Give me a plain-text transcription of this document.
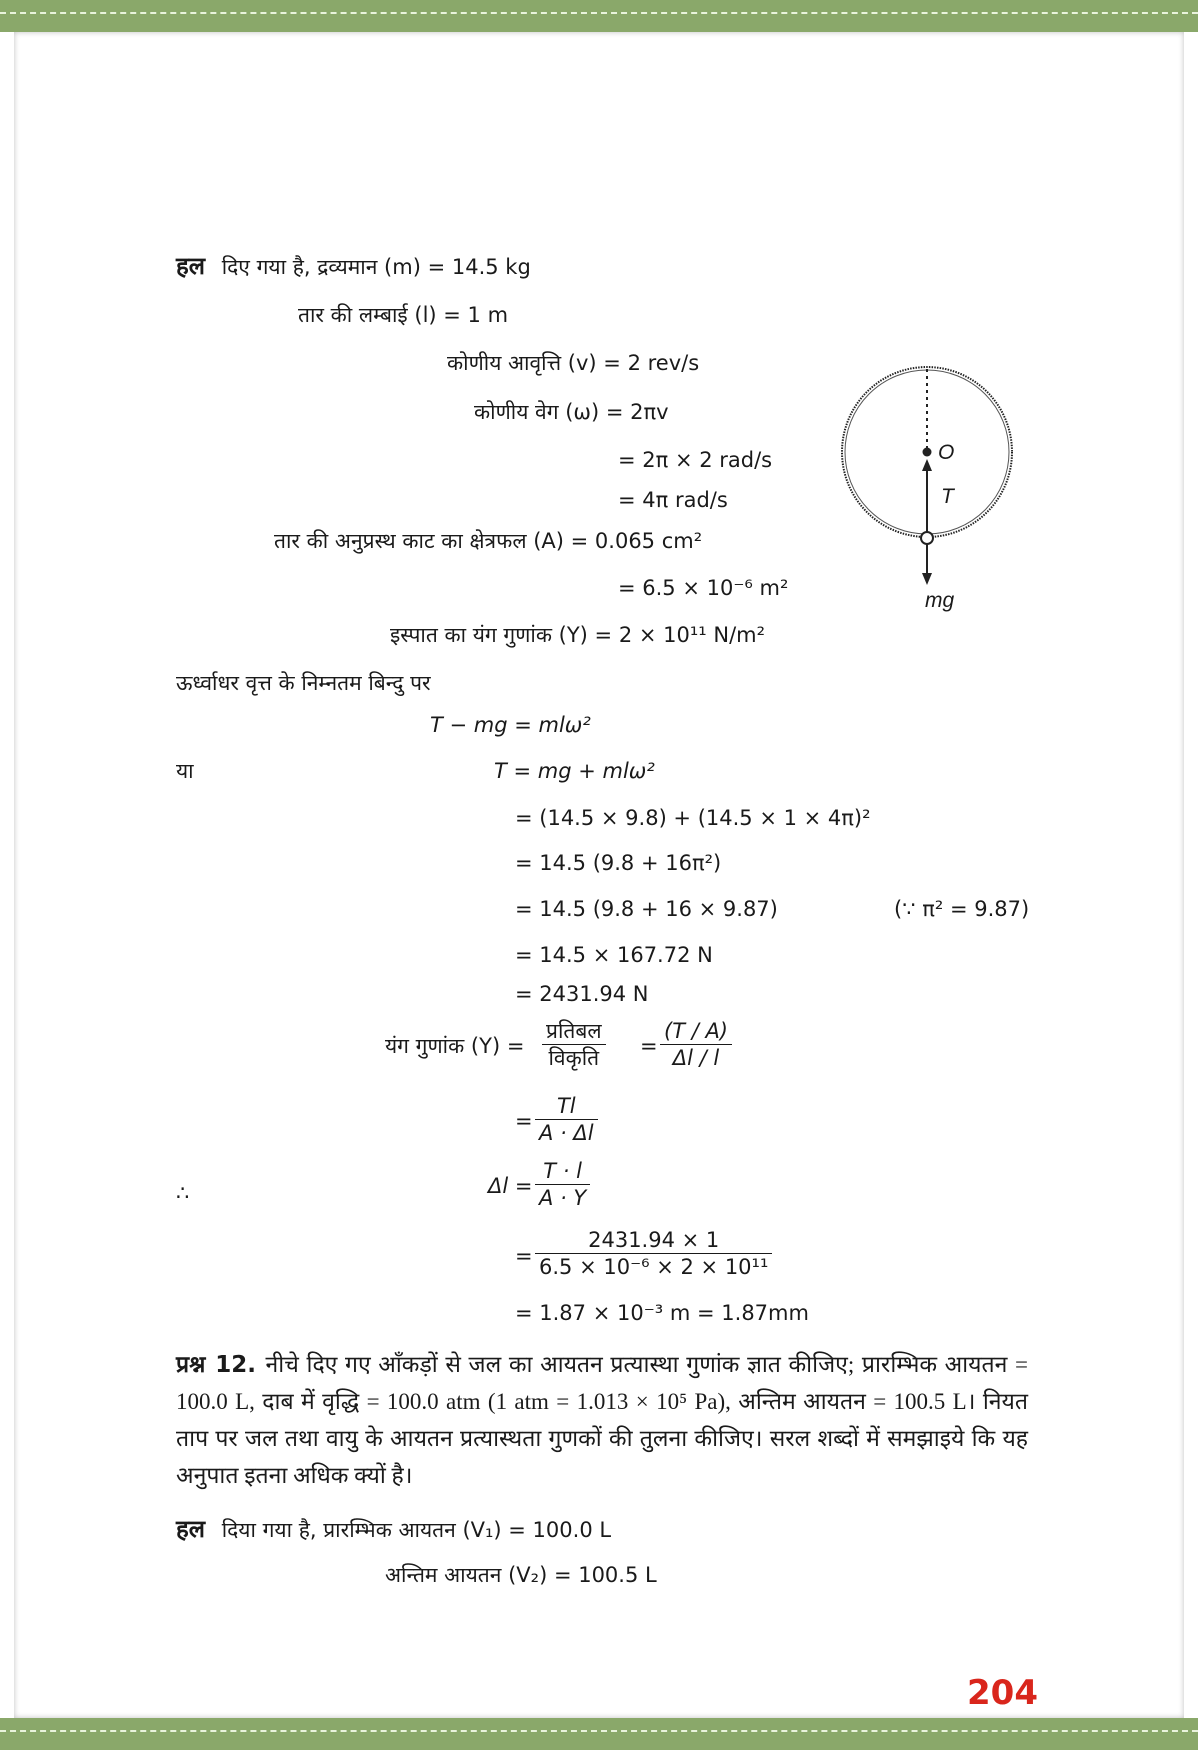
हल दिए गया है, द्रव्यमान (m) = 14.5 kg
तार की लम्बाई (l) = 1 m
कोणीय आवृत्ति (v) = 2 rev/s
कोणीय वेग (ω) = 2πv
= 2π × 2 rad/s
= 4π rad/s
तार की अनुप्रस्थ काट का क्षेत्रफल (A) = 0.065 cm²
= 6.5 × 10⁻⁶ m²
इस्पात का यंग गुणांक (Y) = 2 × 10¹¹ N/m²
ऊर्ध्वाधर वृत्त के निम्नतम बिन्दु पर
T − mg = mlω²
या	T = mg + mlω²
= (14.5 × 9.8) + (14.5 × 1 × 4π)²
= 14.5 (9.8 + 16π²)
= 14.5 (9.8 + 16 × 9.87)	(∵ π² = 9.87)
= 14.5 × 167.72 N
= 2431.94 N
यंग गुणांक (Y) =
प्रतिबल
विकृति	= $\frac{(T / A)}{\Delta l / l}$
= $\frac{Tl}{A \cdot \Delta l}$
∴	$\Delta l = \frac{T \cdot l}{A \cdot Y}$
= $\frac{2431.94 \times 1}{\text{6.5 × 10⁻⁶ × 2 × 10¹¹}}$
= 1.87 × 10⁻³ m = 1.87mm
O
T
mg
प्रश्न 12. नीचे दिए गए आँकड़ों से जल का आयतन प्रत्यास्था गुणांक ज्ञात कीजिए; प्रारम्भिक आयतन = 100.0 L, दाब में वृद्धि = 100.0 atm (1 atm = 1.013 × 10⁵ Pa), अन्तिम आयतन = 100.5 L। नियत ताप पर जल तथा वायु के आयतन प्रत्यास्थता गुणकों की तुलना कीजिए। सरल शब्दों में समझाइये कि यह अनुपात इतना अधिक क्यों है।
हल दिया गया है, प्रारम्भिक आयतन (V₁) = 100.0 L
अन्तिम आयतन (V₂) = 100.5 L
204
